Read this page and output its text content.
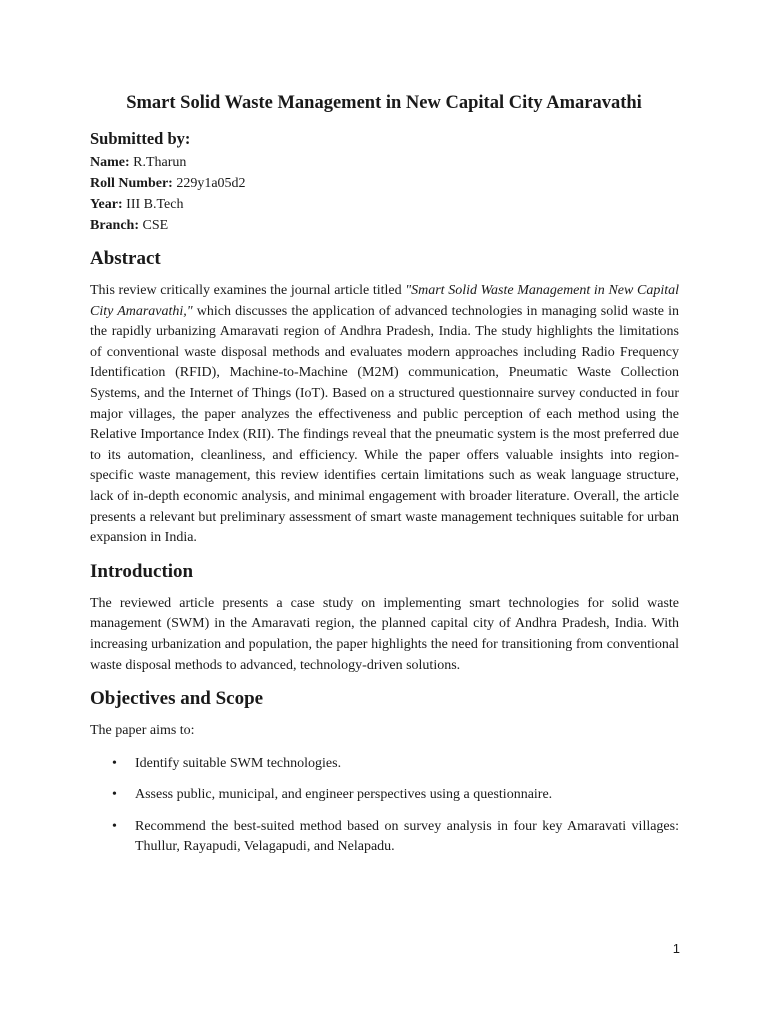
Smart Solid Waste Management in New Capital City Amaravathi

Submitted by:

Name: R.Tharun

Roll Number: 229y1a05d2

Year: III B.Tech

Branch: CSE

Abstract

This review critically examines the journal article titled "Smart Solid Waste Management in New Capital City Amaravathi," which discusses the application of advanced technologies in managing solid waste in the rapidly urbanizing Amaravati region of Andhra Pradesh, India. The study highlights the limitations of conventional waste disposal methods and evaluates modern approaches including Radio Frequency Identification (RFID), Machine-to-Machine (M2M) communication, Pneumatic Waste Collection Systems, and the Internet of Things (IoT). Based on a structured questionnaire survey conducted in four major villages, the paper analyzes the effectiveness and public perception of each method using the Relative Importance Index (RII). The findings reveal that the pneumatic system is the most preferred due to its automation, cleanliness, and efficiency. While the paper offers valuable insights into region-specific waste management, this review identifies certain limitations such as weak language structure, lack of in-depth economic analysis, and minimal engagement with broader literature. Overall, the article presents a relevant but preliminary assessment of smart waste management techniques suitable for urban expansion in India.

Introduction

The reviewed article presents a case study on implementing smart technologies for solid waste management (SWM) in the Amaravati region, the planned capital city of Andhra Pradesh, India. With increasing urbanization and population, the paper highlights the need for transitioning from conventional waste disposal methods to advanced, technology-driven solutions.

Objectives and Scope

The paper aims to:

• Identify suitable SWM technologies.
• Assess public, municipal, and engineer perspectives using a questionnaire.
• Recommend the best-suited method based on survey analysis in four key Amaravati villages: Thullur, Rayapudi, Velagapudi, and Nelapadu.
1
